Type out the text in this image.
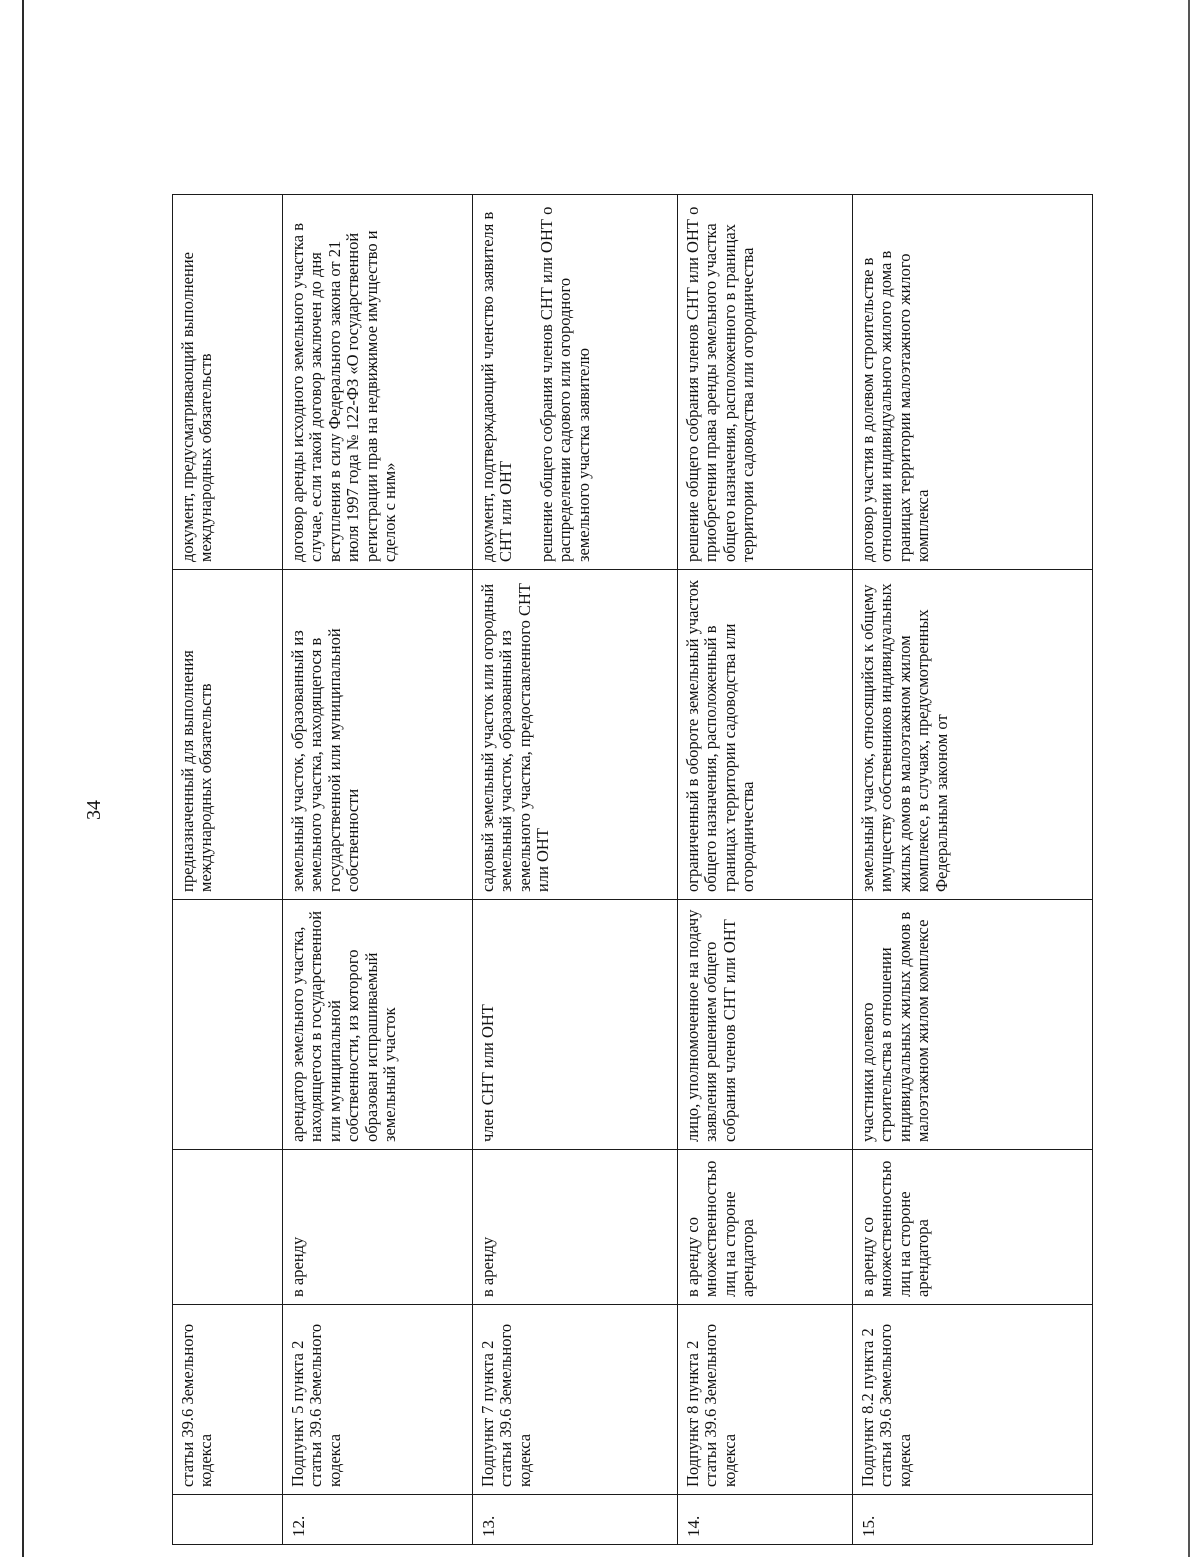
34
	статьи 39.6 Земельного кодекса			предназначенный для выполнения международных обязательств	документ, предусматривающий выполнение международных обязательств
12.	Подпункт 5 пункта 2 статьи 39.6 Земельного кодекса	в аренду	арендатор земельного участка, находящегося в государственной или муниципальной собственности, из которого образован испрашиваемый земельный участок	земельный участок, образованный из земельного участка, находящегося в государственной или муниципальной собственности	договор аренды исходного земельного участка в случае, если такой договор заключен до дня вступления в силу Федерального закона от 21 июля 1997 года № 122-ФЗ «О государственной регистрации прав на недвижимое имущество и сделок с ним»

13.	Подпункт 7 пункта 2 статьи 39.6 Земельного кодекса	в аренду	член СНТ или ОНТ	садовый земельный участок или огородный земельный участок, образованный из земельного участка, предоставленного СНТ или ОНТ	документ, подтверждающий членство заявителя в СНТ или ОНТ решение общего собрания членов СНТ или ОНТ о распределении садового или огородного земельного участка заявителю

14.	Подпункт 8 пункта 2 статьи 39.6 Земельного кодекса	в аренду со множественностью лиц на стороне арендатора	лицо, уполномоченное на подачу заявления решением общего собрания членов СНТ или ОНТ	ограниченный в обороте земельный участок общего назначения, расположенный в границах территории садоводства или огородничества	решение общего собрания членов СНТ или ОНТ о приобретении права аренды земельного участка общего назначения, расположенного в границах территории садоводства или огородничества

15.	Подпункт 8.2 пункта 2 статьи 39.6 Земельного кодекса	в аренду со множественностью лиц на стороне арендатора	участники долевого строительства в отношении индивидуальных жилых домов в малоэтажном жилом комплексе	земельный участок, относящийся к общему имуществу собственников индивидуальных жилых домов в малоэтажном жилом комплексе, в случаях, предусмотренных Федеральным законом от	договор участия в долевом строительстве в отношении индивидуального жилого дома в границах территории малоэтажного жилого комплекса
